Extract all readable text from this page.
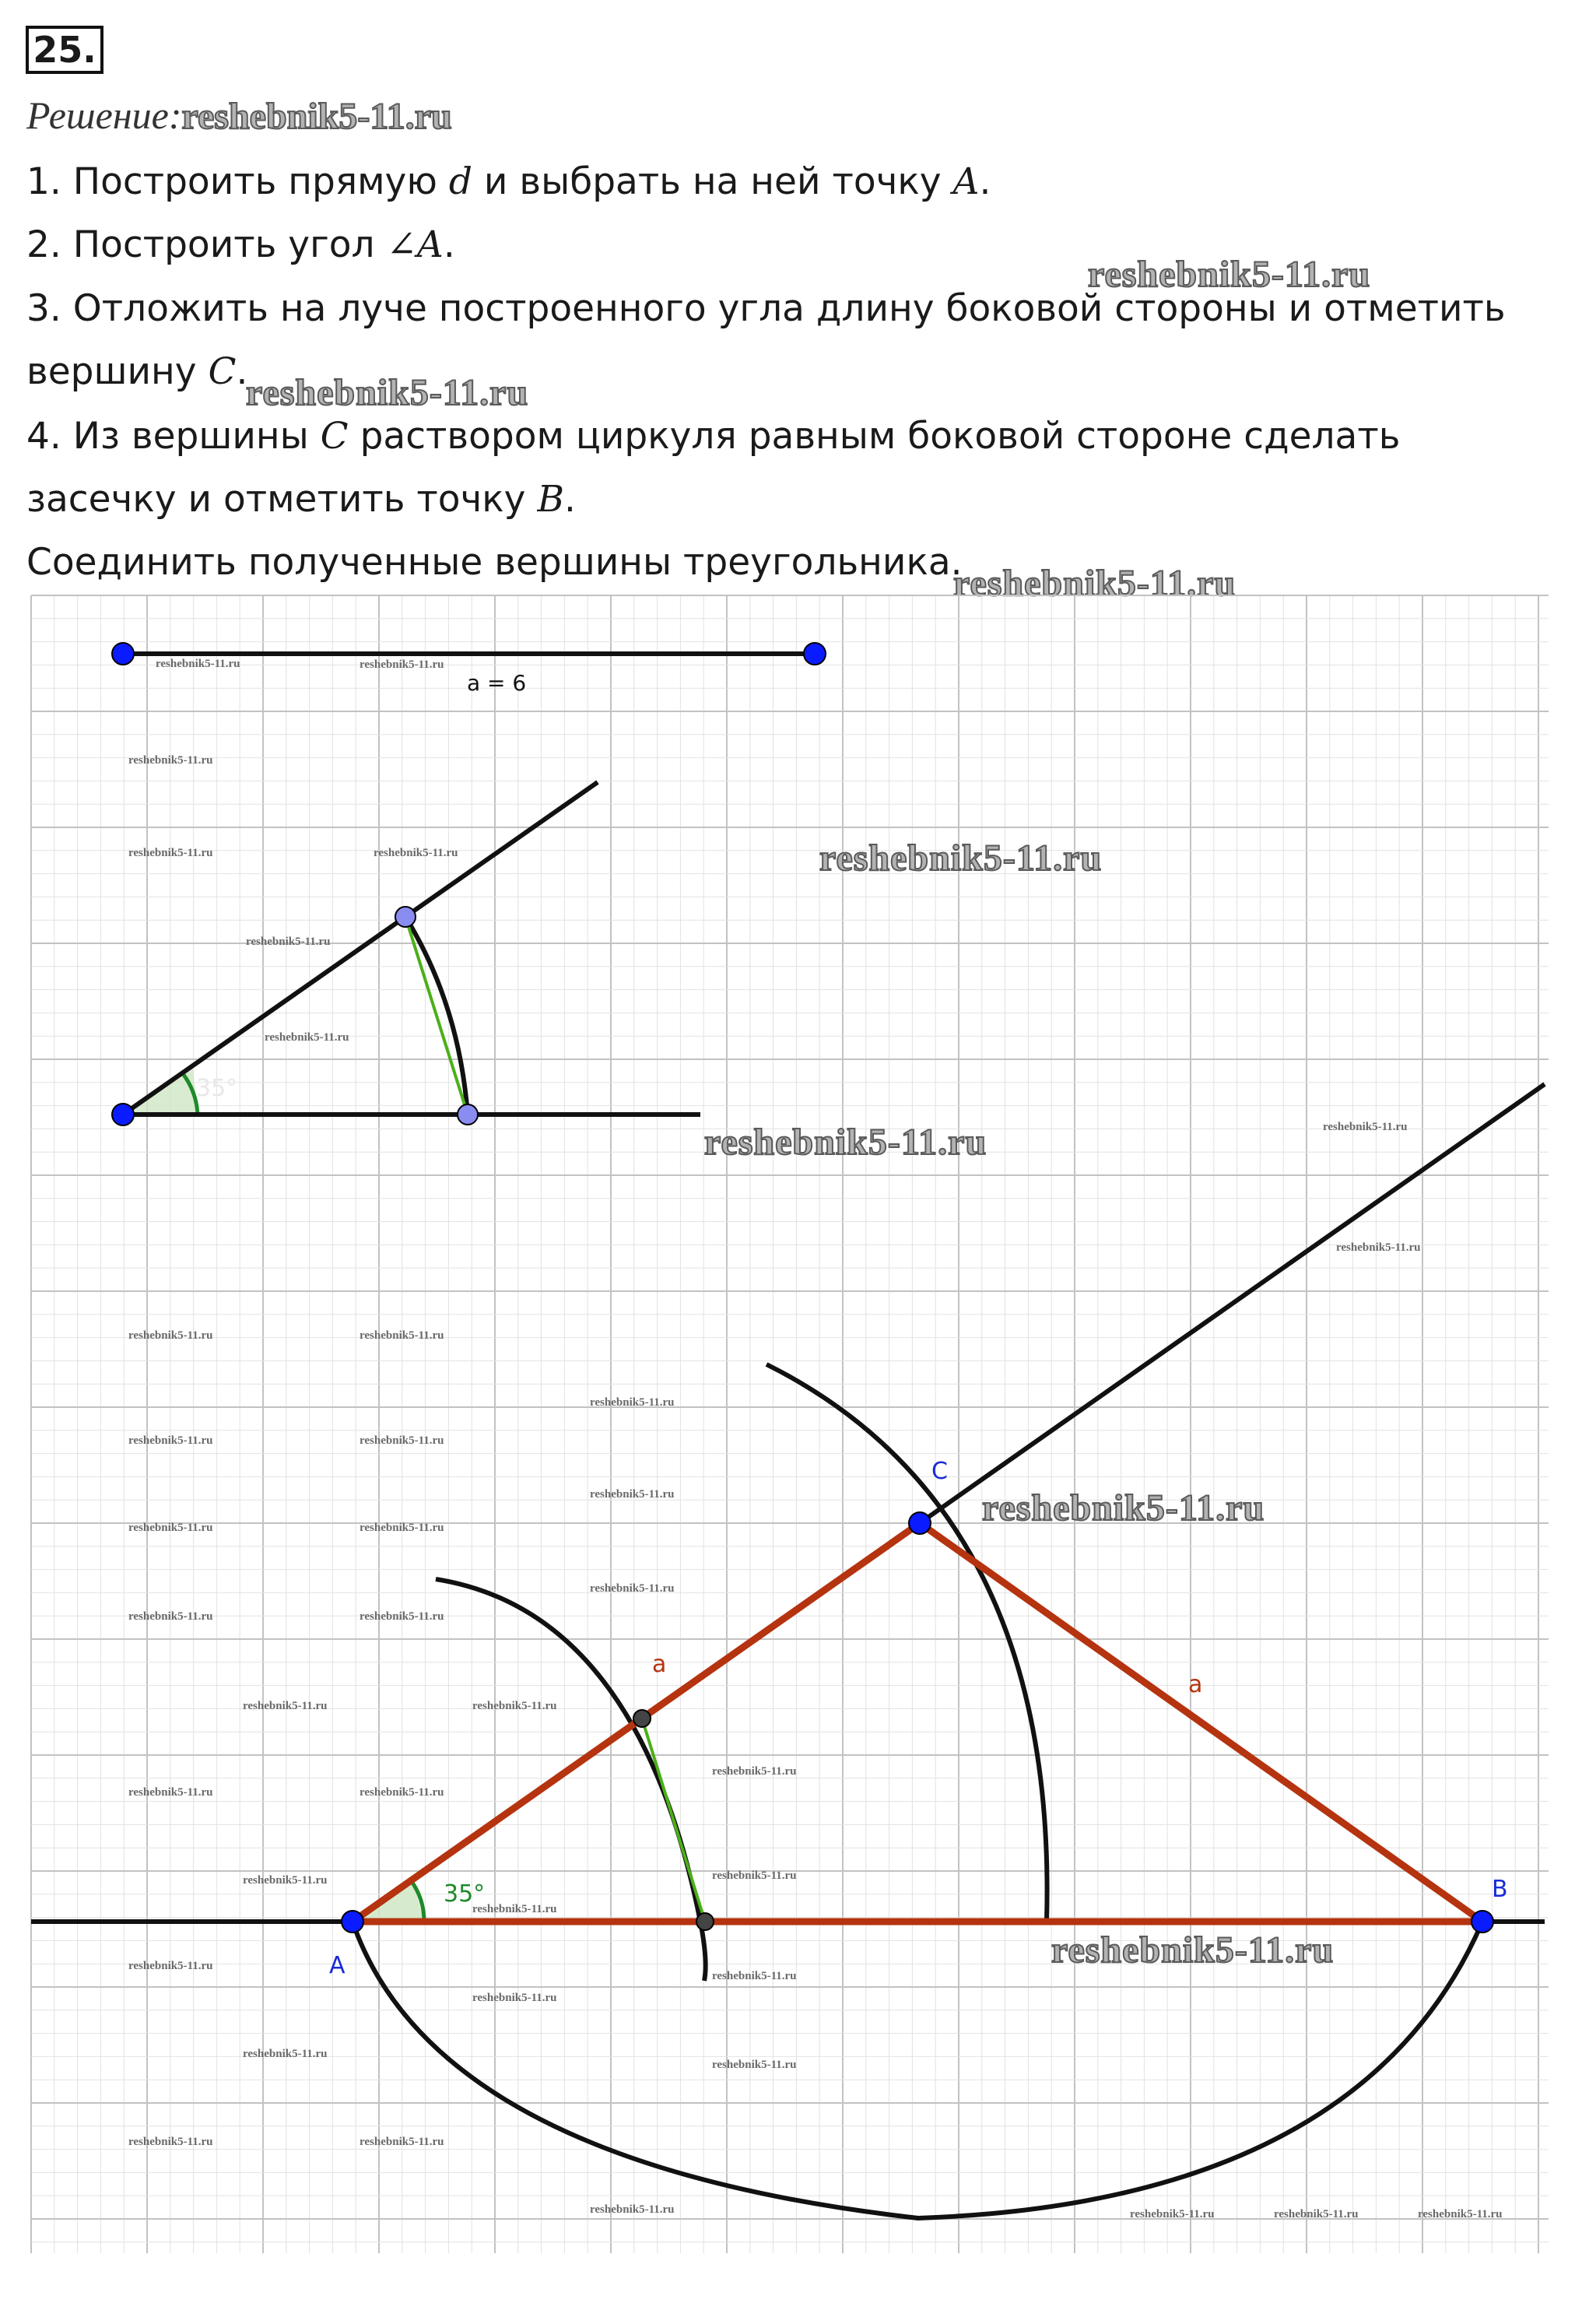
25.
Решение:reshebnik5-11.ru
1. Построить прямую d и выбрать на ней точку A.
2. Построить угол ∠A.
reshebnik5-11.ru
3. Отложить на луче построенного угла длину боковой стороны и отметить
вершину C.
reshebnik5-11.ru
4. Из вершины C раствором циркуля равным боковой стороне сделать
засечку и отметить точку B.
Соединить полученные вершины треугольника.
reshebnik5-11.ru
a = 6
35°
A
C
B
a
a
35°
reshebnik5-11.ru	reshebnik5-11.ru
reshebnik5-11.ru
reshebnik5-11.ru	reshebnik5-11.ru
reshebnik5-11.ru
reshebnik5-11.ru
reshebnik5-11.ru
reshebnik5-11.ru
reshebnik5-11.ru	reshebnik5-11.ru
reshebnik5-11.ru
reshebnik5-11.ru	reshebnik5-11.ru
reshebnik5-11.ru
reshebnik5-11.ru	reshebnik5-11.ru
reshebnik5-11.ru
reshebnik5-11.ru	reshebnik5-11.ru
reshebnik5-11.ru	reshebnik5-11.ru
reshebnik5-11.ru	reshebnik5-11.ru
reshebnik5-11.ru
reshebnik5-11.ru
reshebnik5-11.ru
reshebnik5-11.ru
reshebnik5-11.ru
reshebnik5-11.ru
reshebnik5-11.ru
reshebnik5-11.ru
reshebnik5-11.ru
reshebnik5-11.ru	reshebnik5-11.ru
reshebnik5-11.ru	reshebnik5-11.ru	reshebnik5-11.ru	reshebnik5-11.ru
reshebnik5-11.ru
reshebnik5-11.ru
reshebnik5-11.ru
reshebnik5-11.ru
